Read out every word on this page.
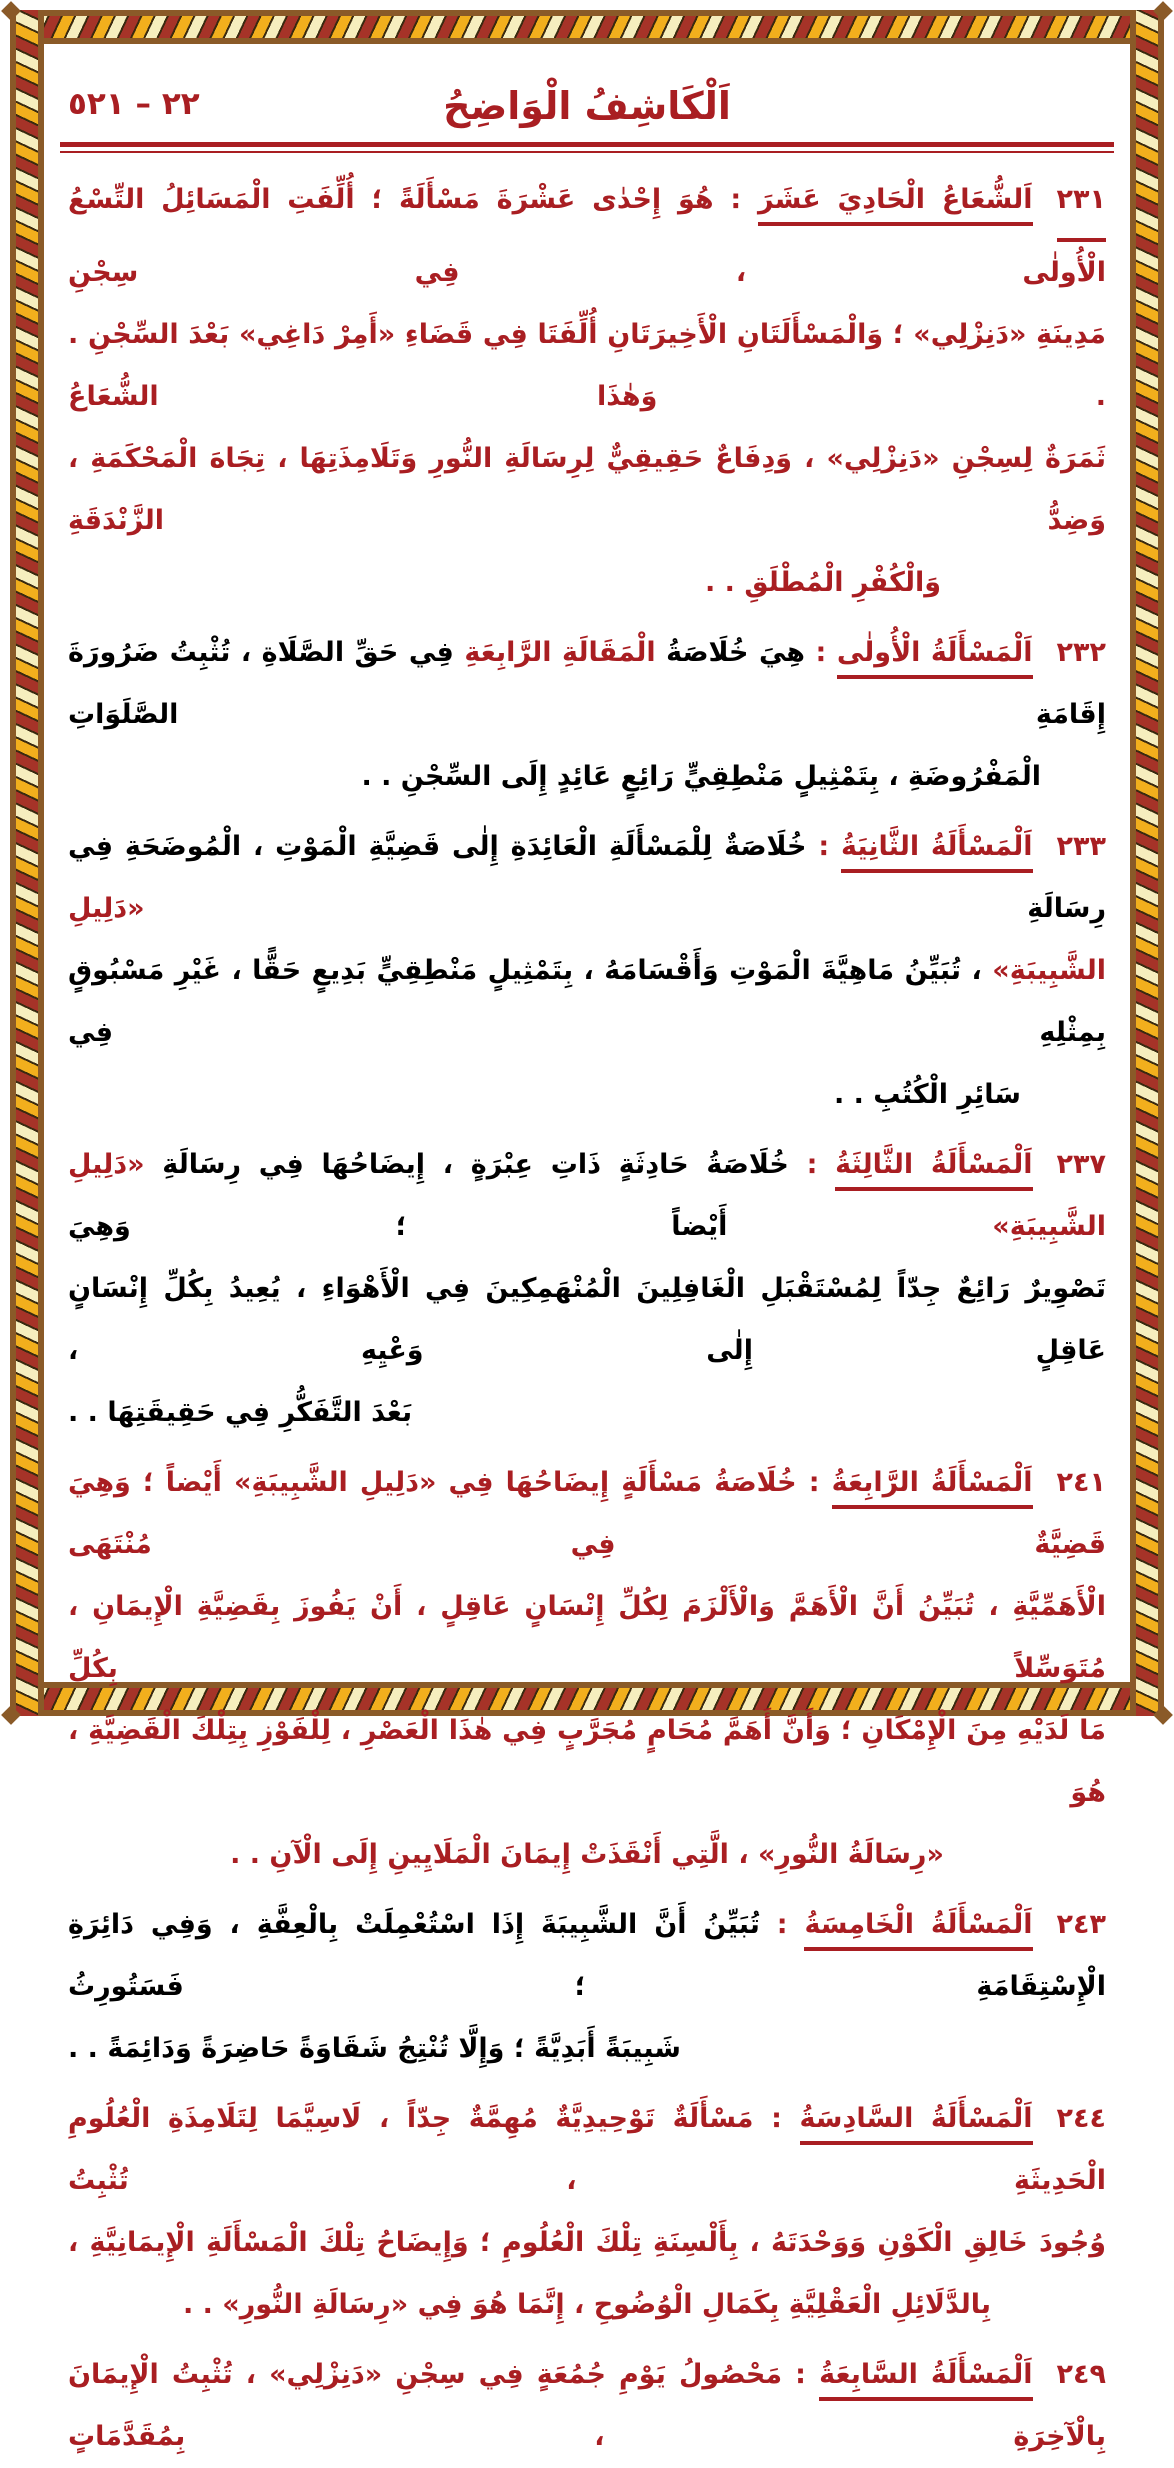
٢٢ – ٥٢١	اَلْكَاشِفُ الْوَاضِحُ
٢٣١اَلشُّعَاعُ الْحَادِيَ عَشَرَ : هُوَ إِحْدٰى عَشْرَةَ مَسْأَلَةً ؛ أُلِّفَتِ الْمَسَائِلُ التِّسْعُ الْأُولٰى ، فِي سِجْنِ
مَدِينَةِ «دَنِزْلِي» ؛ وَالْمَسْأَلَتَانِ الْأَخِيرَتَانِ أُلِّفَتَا فِي قَضَاءِ «أَمِرْ دَاغِي» بَعْدَ السِّجْنِ . . وَهٰذَا الشُّعَاعُ
ثَمَرَةٌ لِسِجْنِ «دَنِزْلِي» ، وَدِفَاعٌ حَقِيقِيٌّ لِرِسَالَةِ النُّورِ وَتَلَامِذَتِهَا ، تِجَاهَ الْمَحْكَمَةِ ، وَضِدُّ الزَّنْدَقَةِ
وَالْكُفْرِ الْمُطْلَقِ . .
٢٣٢اَلْمَسْأَلَةُ الْأُولٰى : هِيَ خُلَاصَةُ الْمَقَالَةِ الرَّابِعَةِ فِي حَقِّ الصَّلَاةِ ، تُثْبِتُ ضَرُورَةَ إِقَامَةِ الصَّلَوَاتِ
الْمَفْرُوضَةِ ، بِتَمْثِيلٍ مَنْطِقِيٍّ رَائِعٍ عَائِدٍ إِلَى السِّجْنِ . .
٢٣٣اَلْمَسْأَلَةُ الثَّانِيَةُ : خُلَاصَةٌ لِلْمَسْأَلَةِ الْعَائِدَةِ إِلٰى قَضِيَّةِ الْمَوْتِ ، الْمُوضَحَةِ فِي رِسَالَةِ «دَلِيلِ
الشَّبِيبَةِ» ، تُبَيِّنُ مَاهِيَّةَ الْمَوْتِ وَأَقْسَامَهُ ، بِتَمْثِيلٍ مَنْطِقِيٍّ بَدِيعٍ حَقًّا ، غَيْرِ مَسْبُوقٍ بِمِثْلِهِ فِي
سَائِرِ الْكُتُبِ . .
٢٣٧اَلْمَسْأَلَةُ الثَّالِثَةُ : خُلَاصَةُ حَادِثَةٍ ذَاتِ عِبْرَةٍ ، إِيضَاحُهَا فِي رِسَالَةِ «دَلِيلِ الشَّبِيبَةِ» أَيْضاً ؛ وَهِيَ
تَصْوِيرٌ رَائِعٌ جِدّاً لِمُسْتَقْبَلِ الْغَافِلِينَ الْمُنْهَمِكِينَ فِي الْأَهْوَاءِ ، يُعِيدُ بِكُلِّ إِنْسَانٍ عَاقِلٍ إِلٰى وَعْيِهِ ،
بَعْدَ التَّفَكُّرِ فِي حَقِيقَتِهَا . .
٢٤١اَلْمَسْأَلَةُ الرَّابِعَةُ : خُلَاصَةُ مَسْأَلَةٍ إِيضَاحُهَا فِي «دَلِيلِ الشَّبِيبَةِ» أَيْضاً ؛ وَهِيَ قَضِيَّةٌ فِي مُنْتَهَى
الْأَهَمِّيَّةِ ، تُبَيِّنُ أَنَّ الْأَهَمَّ وَالْأَلْزَمَ لِكُلِّ إِنْسَانٍ عَاقِلٍ ، أَنْ يَفُوزَ بِقَضِيَّةِ الْإِيمَانِ ، مُتَوَسِّلاً بِكُلِّ
مَا لَدَيْهِ مِنَ الْإِمْكَانِ ؛ وَأَنَّ أَهَمَّ مُحَامٍ مُجَرَّبٍ فِي هٰذَا الْعَصْرِ ، لِلْفَوْزِ بِتِلْكَ الْقَضِيَّةِ ، هُوَ
«رِسَالَةُ النُّورِ» ، الَّتِي أَنْقَذَتْ إِيمَانَ الْمَلَايِينِ إِلَى الْآنِ . .
٢٤٣اَلْمَسْأَلَةُ الْخَامِسَةُ : تُبَيِّنُ أَنَّ الشَّبِيبَةَ إِذَا اسْتُعْمِلَتْ بِالْعِفَّةِ ، وَفِي دَائِرَةِ الْإِسْتِقَامَةِ ؛ فَسَتُورِثُ
شَبِيبَةً أَبَدِيَّةً ؛ وَإِلَّا تُنْتِجُ شَقَاوَةً حَاضِرَةً وَدَائِمَةً . .
٢٤٤اَلْمَسْأَلَةُ السَّادِسَةُ : مَسْأَلَةٌ تَوْحِيدِيَّةٌ مُهِمَّةٌ جِدّاً ، لَاسِيَّمَا لِتَلَامِذَةِ الْعُلُومِ الْحَدِيثَةِ ، تُثْبِتُ
وُجُودَ خَالِقِ الْكَوْنِ وَوَحْدَتَهُ ، بِأَلْسِنَةِ تِلْكَ الْعُلُومِ ؛ وَإِيضَاحُ تِلْكَ الْمَسْأَلَةِ الْإِيمَانِيَّةِ ،
بِالدَّلَائِلِ الْعَقْلِيَّةِ بِكَمَالِ الْوُضُوحِ ، إِنَّمَا هُوَ فِي «رِسَالَةِ النُّورِ» . .
٢٤٩اَلْمَسْأَلَةُ السَّابِعَةُ : مَحْصُولُ يَوْمِ جُمُعَةٍ فِي سِجْنِ «دَنِزْلِي» ، تُثْبِتُ الْإِيمَانَ بِالْآخِرَةِ ، بِمُقَدَّمَاتٍ
